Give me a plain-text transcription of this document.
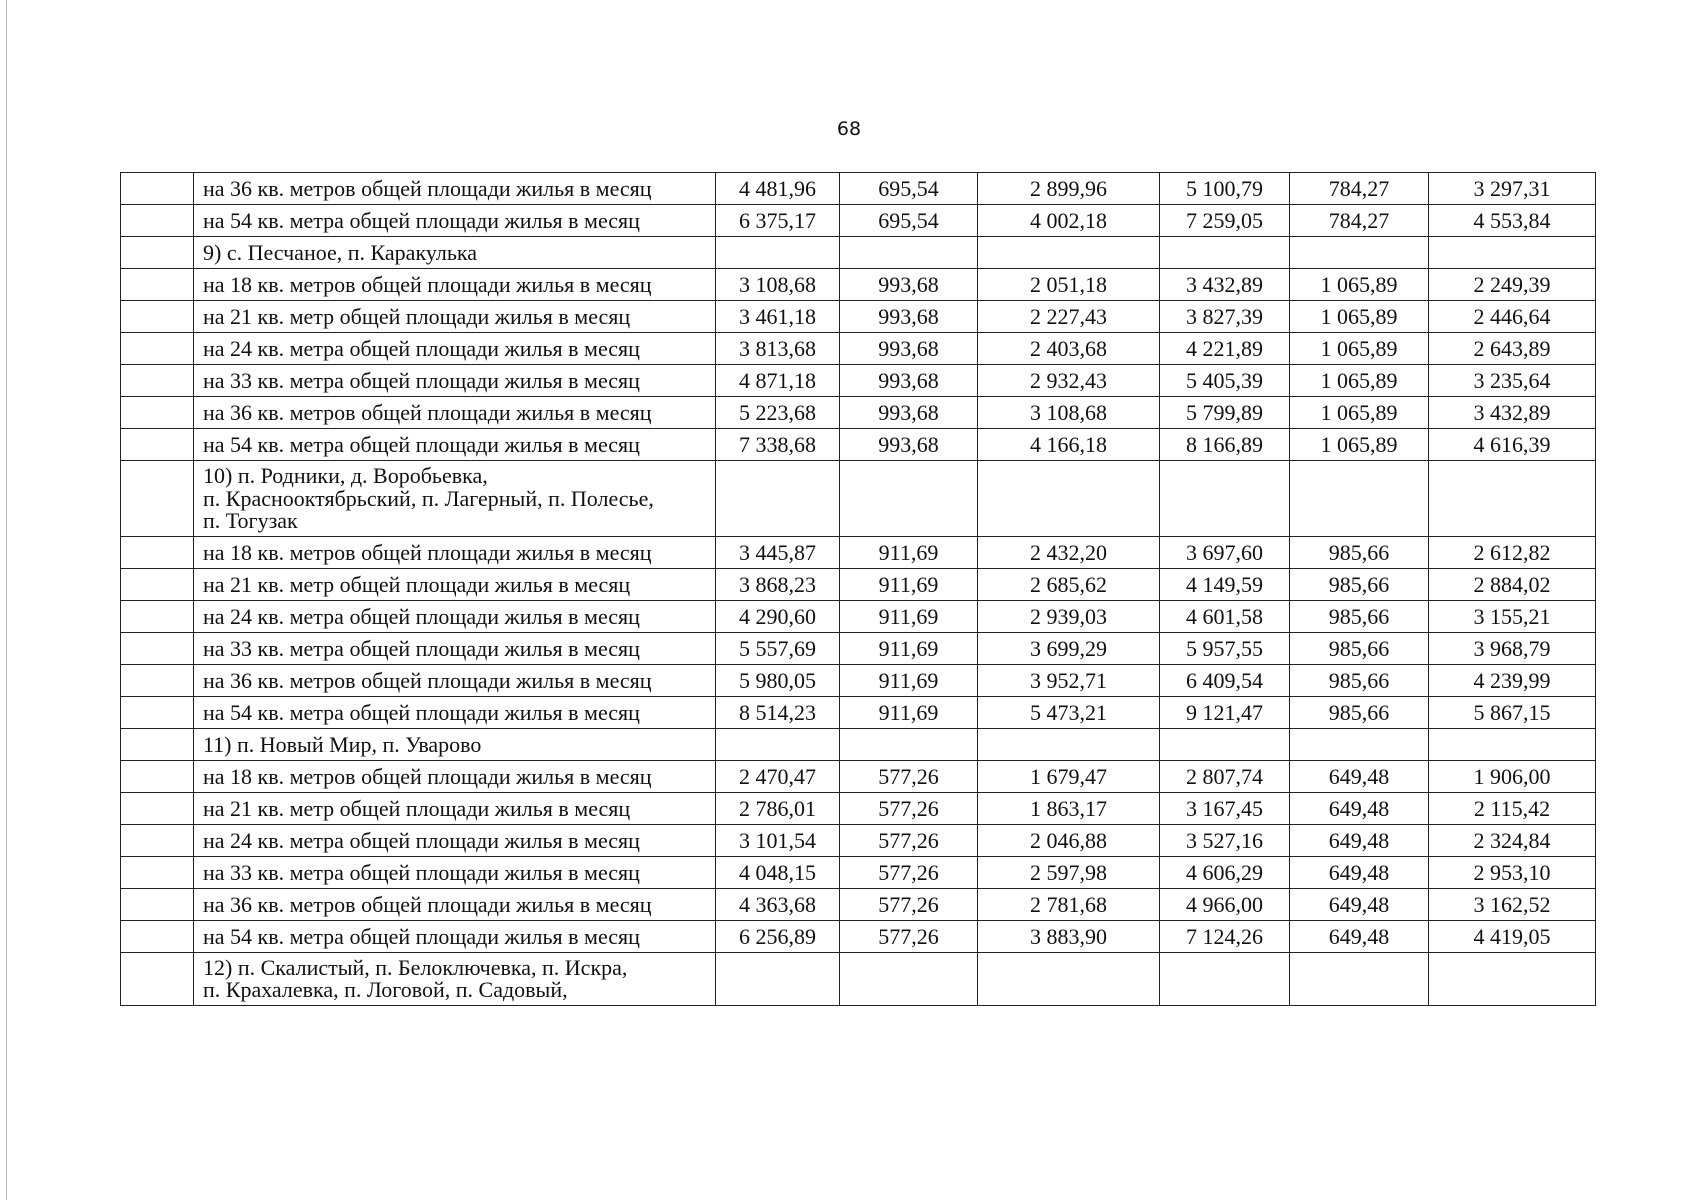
68
	на 36 кв. метров общей площади жилья в месяц	4 481,96	695,54	2 899,96	5 100,79	784,27	3 297,31
	на 54 кв. метра общей площади жилья в месяц	6 375,17	695,54	4 002,18	7 259,05	784,27	4 553,84

	9) с. Песчаное, п. Каракулька						

	на 18 кв. метров общей площади жилья в месяц	3 108,68	993,68	2 051,18	3 432,89	1 065,89	2 249,39
	на 21 кв. метр общей площади жилья в месяц	3 461,18	993,68	2 227,43	3 827,39	1 065,89	2 446,64
	на 24 кв. метра общей площади жилья в месяц	3 813,68	993,68	2 403,68	4 221,89	1 065,89	2 643,89
	на 33 кв. метра общей площади жилья в месяц	4 871,18	993,68	2 932,43	5 405,39	1 065,89	3 235,64
	на 36 кв. метров общей площади жилья в месяц	5 223,68	993,68	3 108,68	5 799,89	1 065,89	3 432,89
	на 54 кв. метра общей площади жилья в месяц	7 338,68	993,68	4 166,18	8 166,89	1 065,89	4 616,39

	10) п. Родники, д. Воробьевка,
п. Краснооктябрьский, п. Лагерный, п. Полесье,
п. Тогузак						

	на 18 кв. метров общей площади жилья в месяц	3 445,87	911,69	2 432,20	3 697,60	985,66	2 612,82
	на 21 кв. метр общей площади жилья в месяц	3 868,23	911,69	2 685,62	4 149,59	985,66	2 884,02
	на 24 кв. метра общей площади жилья в месяц	4 290,60	911,69	2 939,03	4 601,58	985,66	3 155,21
	на 33 кв. метра общей площади жилья в месяц	5 557,69	911,69	3 699,29	5 957,55	985,66	3 968,79
	на 36 кв. метров общей площади жилья в месяц	5 980,05	911,69	3 952,71	6 409,54	985,66	4 239,99
	на 54 кв. метра общей площади жилья в месяц	8 514,23	911,69	5 473,21	9 121,47	985,66	5 867,15

	11) п. Новый Мир, п. Уварово						

	на 18 кв. метров общей площади жилья в месяц	2 470,47	577,26	1 679,47	2 807,74	649,48	1 906,00
	на 21 кв. метр общей площади жилья в месяц	2 786,01	577,26	1 863,17	3 167,45	649,48	2 115,42
	на 24 кв. метра общей площади жилья в месяц	3 101,54	577,26	2 046,88	3 527,16	649,48	2 324,84
	на 33 кв. метра общей площади жилья в месяц	4 048,15	577,26	2 597,98	4 606,29	649,48	2 953,10
	на 36 кв. метров общей площади жилья в месяц	4 363,68	577,26	2 781,68	4 966,00	649,48	3 162,52
	на 54 кв. метра общей площади жилья в месяц	6 256,89	577,26	3 883,90	7 124,26	649,48	4 419,05

	12) п. Скалистый, п. Белоключевка, п. Искра,
п. Крахалевка, п. Логовой, п. Садовый,						
